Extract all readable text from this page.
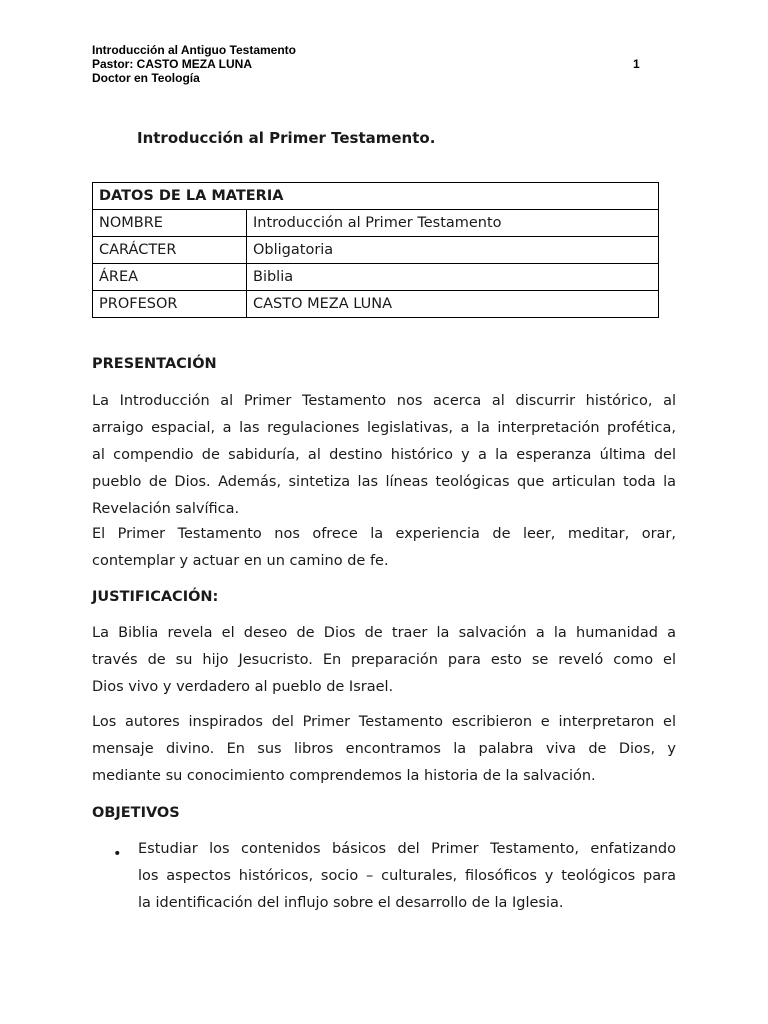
Introducción al Antiguo Testamento
Pastor: CASTO MEZA LUNA
Doctor en Teología
1
Introducción al Primer Testamento.
DATOS DE LA MATERIA	
NOMBRE	Introducción al Primer Testamento
CARÁCTER	Obligatoria
ÁREA	Biblia
PROFESOR	CASTO MEZA LUNA
PRESENTACIÓN
La Introducción al Primer Testamento nos acerca al discurrir histórico, al
arraigo espacial, a las regulaciones legislativas, a la interpretación profética,
al compendio de sabiduría, al destino histórico y a la esperanza última del
pueblo de Dios. Además, sintetiza las líneas teológicas que articulan toda la
Revelación salvífica.
El Primer Testamento nos ofrece la experiencia de leer, meditar, orar,
contemplar y actuar en un camino de fe.
JUSTIFICACIÓN:
La Biblia revela el deseo de Dios de traer la salvación a la humanidad a
través de su hijo Jesucristo. En preparación para esto se reveló como el
Dios vivo y verdadero al pueblo de Israel.
Los autores inspirados del Primer Testamento escribieron e interpretaron el
mensaje divino. En sus libros encontramos la palabra viva de Dios, y
mediante su conocimiento comprendemos la historia de la salvación.
OBJETIVOS
• Estudiar los contenidos básicos del Primer Testamento, enfatizando
los aspectos históricos, socio – culturales, filosóficos y teológicos para
la identificación del influjo sobre el desarrollo de la Iglesia.
